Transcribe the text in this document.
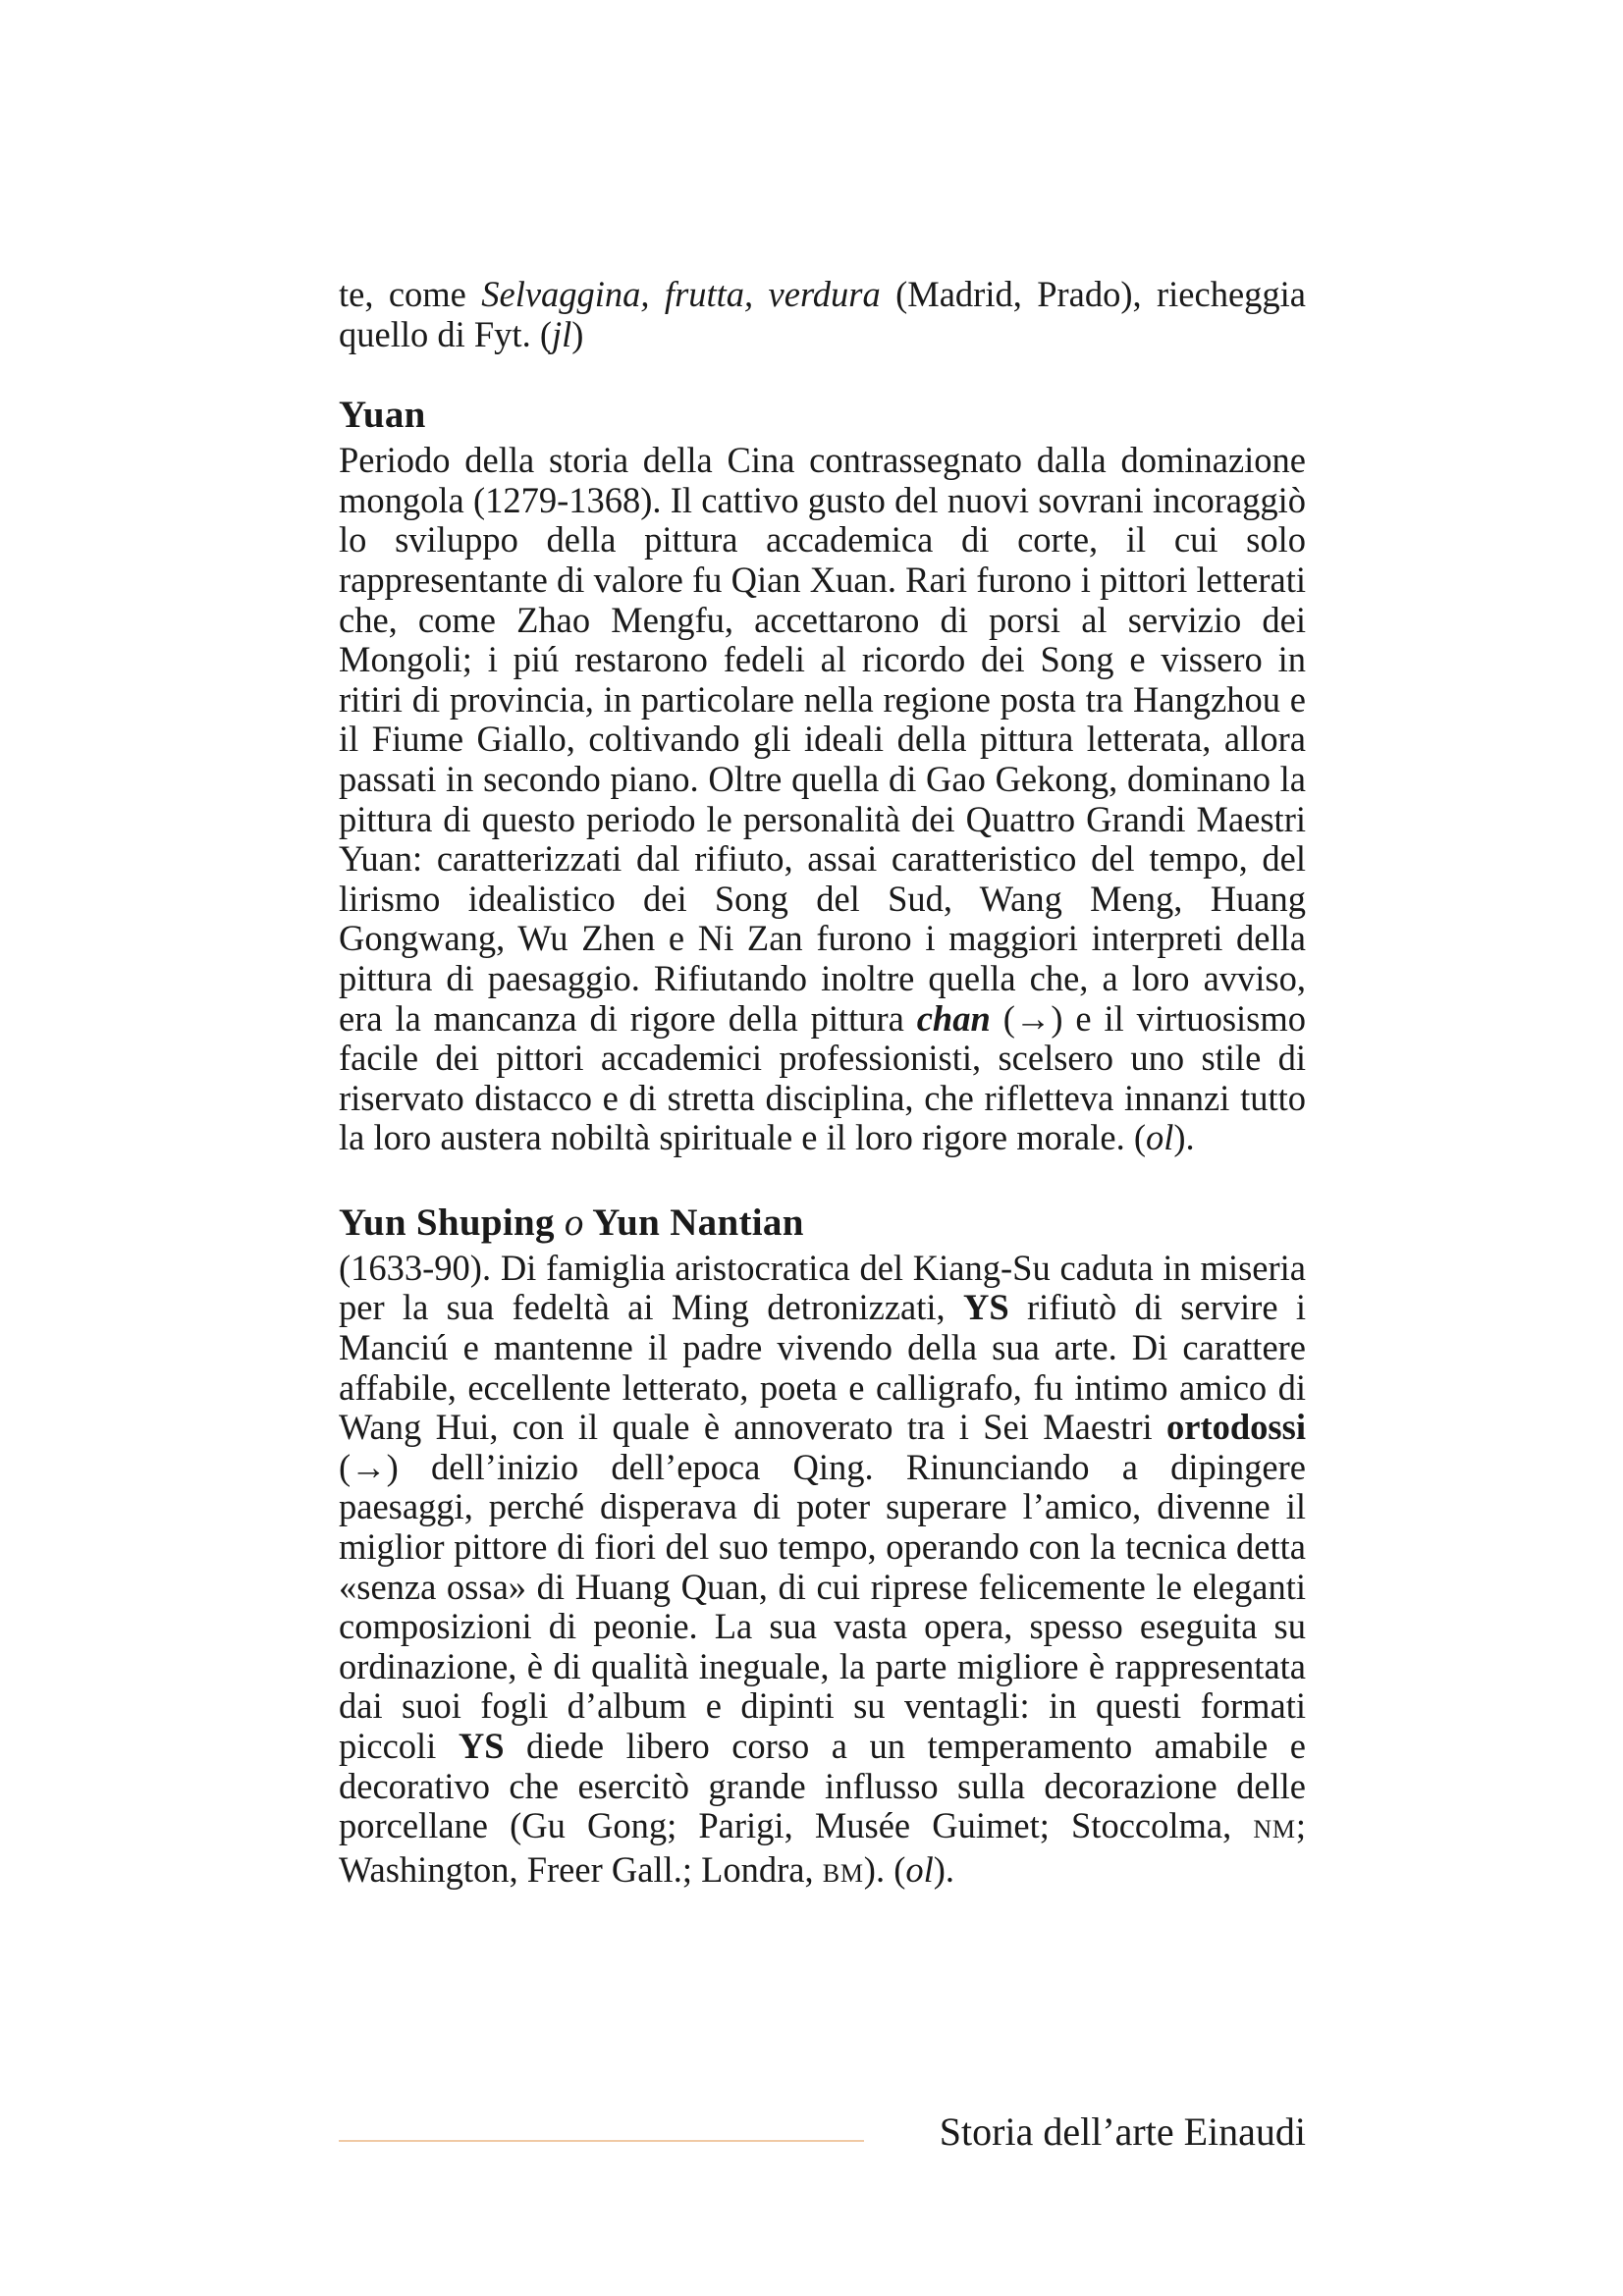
te, come Selvaggina, frutta, verdura (Madrid, Prado), riecheggia quello di Fyt. (jl)

Yuan

Periodo della storia della Cina contrassegnato dalla dominazione mongola (1279-1368). Il cattivo gusto del nuovi sovrani incoraggiò lo sviluppo della pittura accademica di corte, il cui solo rappresentante di valore fu Qian Xuan. Rari furono i pittori letterati che, come Zhao Mengfu, accettarono di porsi al servizio dei Mongoli; i piú restarono fedeli al ricordo dei Song e vissero in ritiri di provincia, in particolare nella regione posta tra Hangzhou e il Fiume Giallo, coltivando gli ideali della pittura letterata, allora passati in secondo piano. Oltre quella di Gao Gekong, dominano la pittura di questo periodo le personalità dei Quattro Grandi Maestri Yuan: caratterizzati dal rifiuto, assai caratteristico del tempo, del lirismo idealistico dei Song del Sud, Wang Meng, Huang Gongwang, Wu Zhen e Ni Zan furono i maggiori interpreti della pittura di paesaggio. Rifiutando inoltre quella che, a loro avviso, era la mancanza di rigore della pittura chan (→) e il virtuosismo facile dei pittori accademici professionisti, scelsero uno stile di riservato distacco e di stretta disciplina, che rifletteva innanzi tutto la loro austera nobiltà spirituale e il loro rigore morale. (ol).

Yun Shuping o Yun Nantian

(1633-90). Di famiglia aristocratica del Kiang-Su caduta in miseria per la sua fedeltà ai Ming detronizzati, YS rifiutò di servire i Manciú e mantenne il padre vivendo della sua arte. Di carattere affabile, eccellente letterato, poeta e calligrafo, fu intimo amico di Wang Hui, con il quale è annoverato tra i Sei Maestri ortodossi (→) dell’inizio dell’epoca Qing. Rinunciando a dipingere paesaggi, perché disperava di poter superare l’amico, divenne il miglior pittore di fiori del suo tempo, operando con la tecnica detta «senza ossa» di Huang Quan, di cui riprese felicemente le eleganti composizioni di peonie. La sua vasta opera, spesso eseguita su ordinazione, è di qualità ineguale, la parte migliore è rappresentata dai suoi fogli d’album e dipinti su ventagli: in questi formati piccoli YS diede libero corso a un temperamento amabile e decorativo che esercitò grande influsso sulla decorazione delle porcellane (Gu Gong; Parigi, Musée Guimet; Stoccolma, NM; Washington, Freer Gall.; Londra, BM). (ol).

Storia dell’arte Einaudi
